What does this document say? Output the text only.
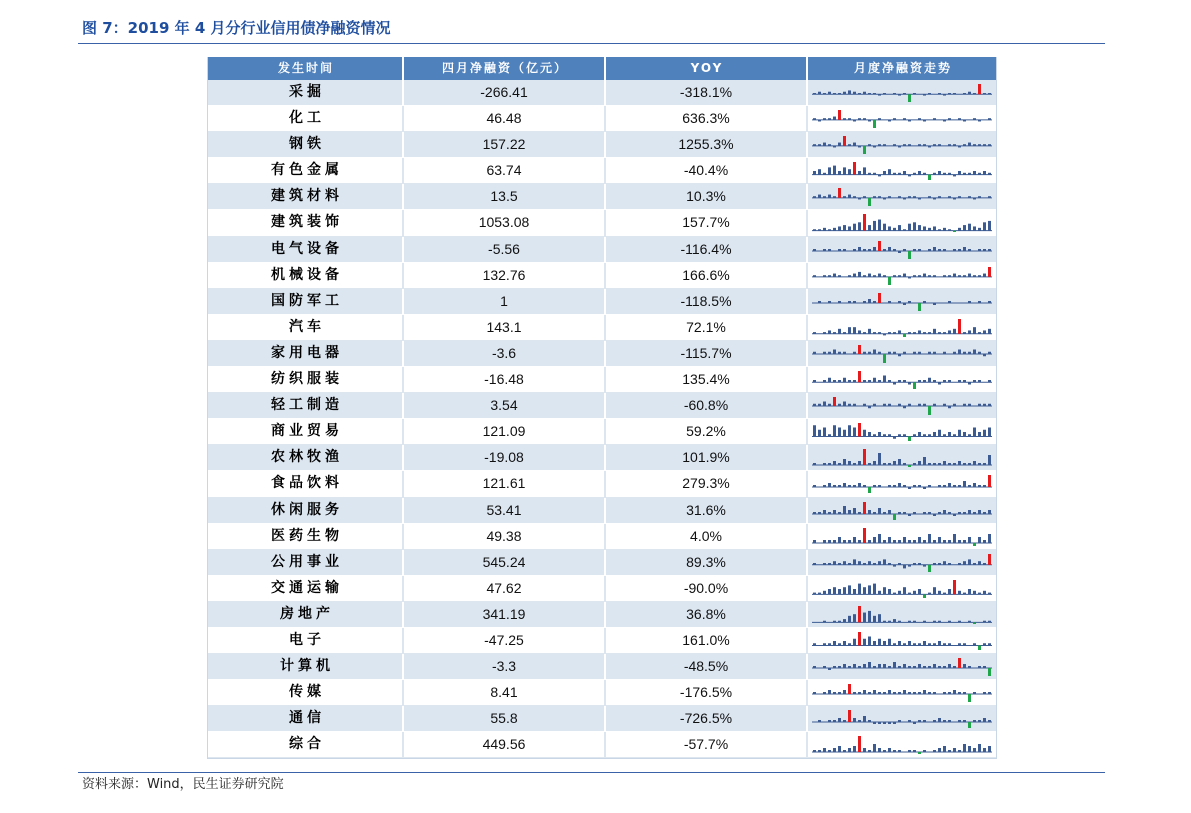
图 7：2019 年 4 月分行业信用债净融资情况
发生时间	四月净融资（亿元）	YOY	月度净融资走势
采掘	-266.41	-318.1%
化工	46.48	636.3%
钢铁	157.22	1255.3%
有色金属	63.74	-40.4%
建筑材料	13.5	10.3%
建筑装饰	1053.08	157.7%
电气设备	-5.56	-116.4%
机械设备	132.76	166.6%
国防军工	1	-118.5%
汽车	143.1	72.1%
家用电器	-3.6	-115.7%
纺织服装	-16.48	135.4%
轻工制造	3.54	-60.8%
商业贸易	121.09	59.2%
农林牧渔	-19.08	101.9%
食品饮料	121.61	279.3%
休闲服务	53.41	31.6%
医药生物	49.38	4.0%
公用事业	545.24	89.3%
交通运输	47.62	-90.0%
房地产	341.19	36.8%
电子	-47.25	161.0%
计算机	-3.3	-48.5%
传媒	8.41	-176.5%
通信	55.8	-726.5%
综合	449.56	-57.7%
资料来源：Wind，民生证券研究院
